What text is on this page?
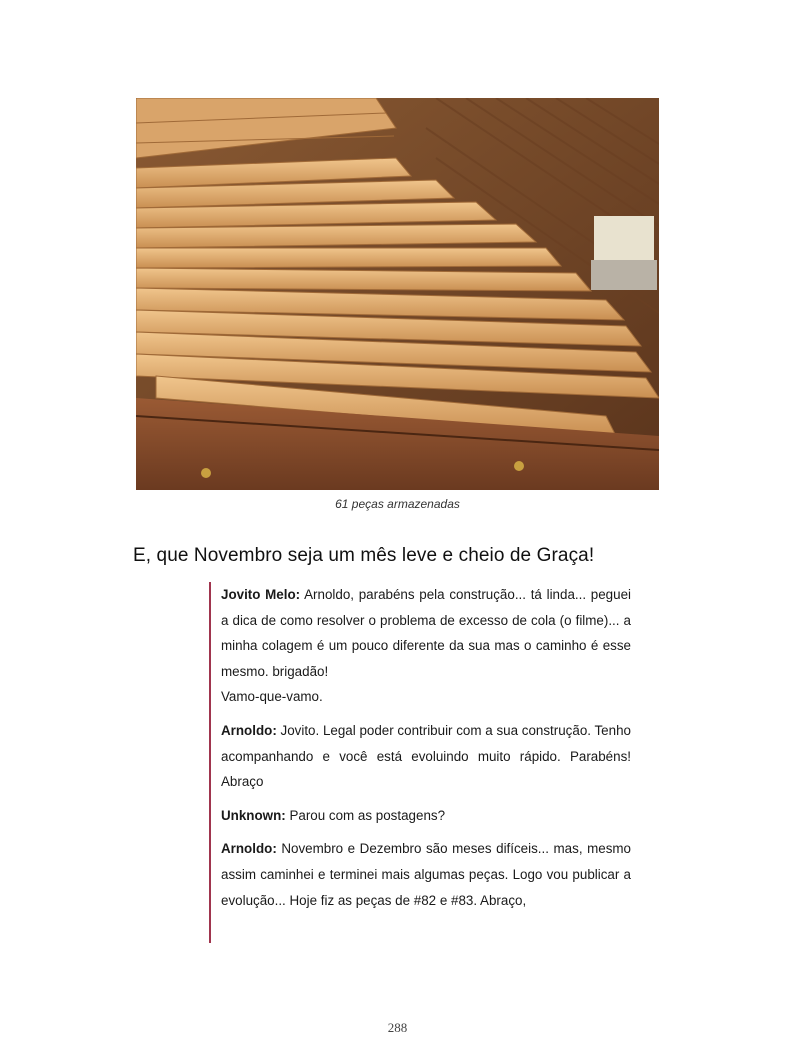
61 peças armazenadas
E, que Novembro seja um mês leve e cheio de Graça!

Jovito Melo: Arnoldo, parabéns pela construção... tá linda... peguei a dica de como resolver o problema de excesso de cola (o filme)... a minha colagem é um pouco diferente da sua mas o caminho é esse mesmo. brigadão!
Vamo-que-vamo.

Arnoldo: Jovito. Legal poder contribuir com a sua construção. Tenho acompanhando e você está evoluindo muito rápido. Parabéns! Abraço

Unknown: Parou com as postagens?

Arnoldo: Novembro e Dezembro são meses difíceis... mas, mesmo assim caminhei e terminei mais algumas peças. Logo vou publicar a evolução... Hoje fiz as peças de #82 e #83. Abraço,

288
